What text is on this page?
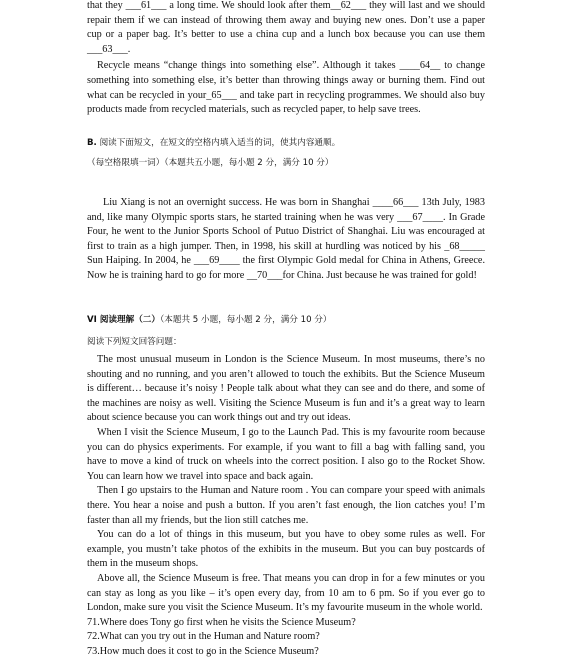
that they ___61___ a long time. We should look after them__62___ they will last and we should repair them if we can instead of throwing them away and buying new ones. Don’t use a paper cup or a paper bag. It’s better to use a china cup and a lunch box because you can use them ___63___.

Recycle means “change things into something else”. Although it takes ____64__ to change something into something else, it’s better than throwing things away or burning them. Find out what can be recycled in your_65___ and take part in recycling programmes. We should also buy products made from recycled materials, such as recycled paper, to help save trees.

B. 阅读下面短文，在短文的空格内填入适当的词，使其内容通顺。

（每空格限填一词）（本题共五小题，每小题 2 分，满分 10 分）

Liu Xiang is not an overnight success. He was born in Shanghai ____66___ 13th July, 1983 and, like many Olympic sports stars, he started training when he was very ___67____. In Grade Four, he went to the Junior Sports School of Putuo District of Shanghai. Liu was encouraged at first to train as a high jumper. Then, in 1998, his skill at hurdling was noticed by his _68_____ Sun Haiping. In 2004, he ___69____ the first Olympic Gold medal for China in Athens, Greece. Now he is training hard to go for more __70___for China. Just because he was trained for gold!

VI 阅读理解（二）（本题共 5 小题，每小题 2 分，满分 10 分）

阅读下列短文回答问题：

The most unusual museum in London is the Science Museum. In most museums, there’s no shouting and no running, and you aren’t allowed to touch the exhibits. But the Science Museum is different… because it’s noisy ! People talk about what they can see and do there, and some of the machines are noisy as well. Visiting the Science Museum is fun and it’s a great way to learn about science because you can work things out and try out ideas.

When I visit the Science Museum, I go to the Launch Pad. This is my favourite room because you can do physics experiments. For example, if you want to fill a bag with falling sand, you have to move a kind of truck on wheels into the correct position. I also go to the Rocket Show. You can learn how we travel into space and back again.

Then I go upstairs to the Human and Nature room . You can compare your speed with animals there. You hear a noise and push a button. If you aren’t fast enough, the lion catches you! I’m faster than all my friends, but the lion still catches me.

You can do a lot of things in this museum, but you have to obey some rules as well. For example, you mustn’t take photos of the exhibits in the museum. But you can buy postcards of them in the museum shops.

Above all, the Science Museum is free. That means you can drop in for a few minutes or you can stay as long as you like – it’s open every day, from 10 am to 6 pm. So if you ever go to London, make sure you visit the Science Museum. It’s my favourite museum in the whole world.

71.Where does Tony go first when he visits the Science Museum?

72.What can you try out in the Human and Nature room?

73.How much does it cost to go in the Science Museum?
